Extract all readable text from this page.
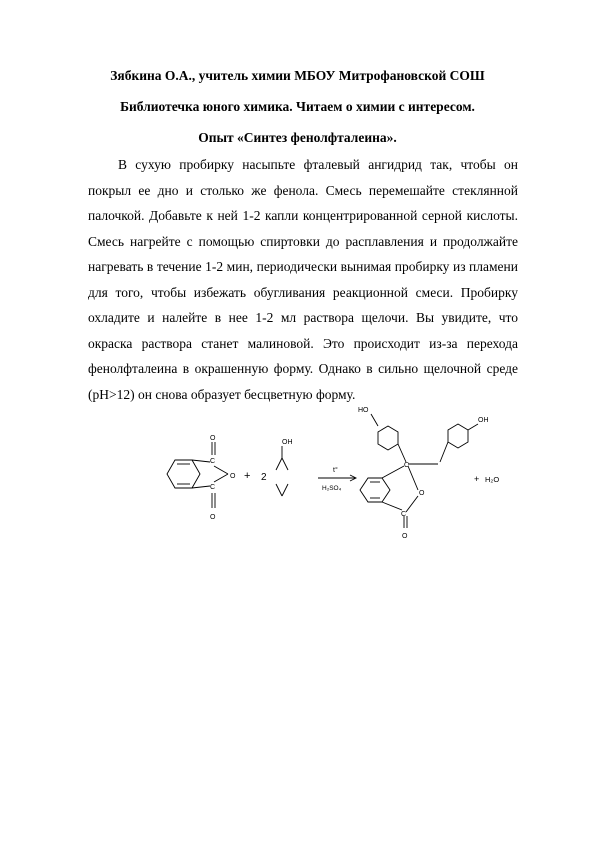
Зябкина О.А., учитель химии МБОУ Митрофановской СОШ
Библиотечка юного химика. Читаем о химии с интересом.
Опыт «Синтез фенолфталеина».

В сухую пробирку насыпьте фталевый ангидрид так, чтобы он покрыл ее дно и столько же фенола. Смесь перемешайте стеклянной палочкой. Добавьте к ней 1-2 капли концентрированной серной кислоты. Смесь нагрейте с помощью спиртовки до расплавления и продолжайте нагревать в течение 1-2 мин, периодически вынимая пробирку из пламени для того, чтобы избежать обугливания реакционной смеси. Пробирку охладите и налейте в нее 1-2 мл раствора щелочи. Вы увидите, что окраска раствора станет малиновой. Это происходит из-за перехода фенолфталеина в окрашенную форму. Однако в сильно щелочной среде (pH>12) он снова образует бесцветную форму.

O
C
O
C
O
+ 2
OH
t°
H₂SO₄
HO
OH
C
O
C
O
+ H₂O
